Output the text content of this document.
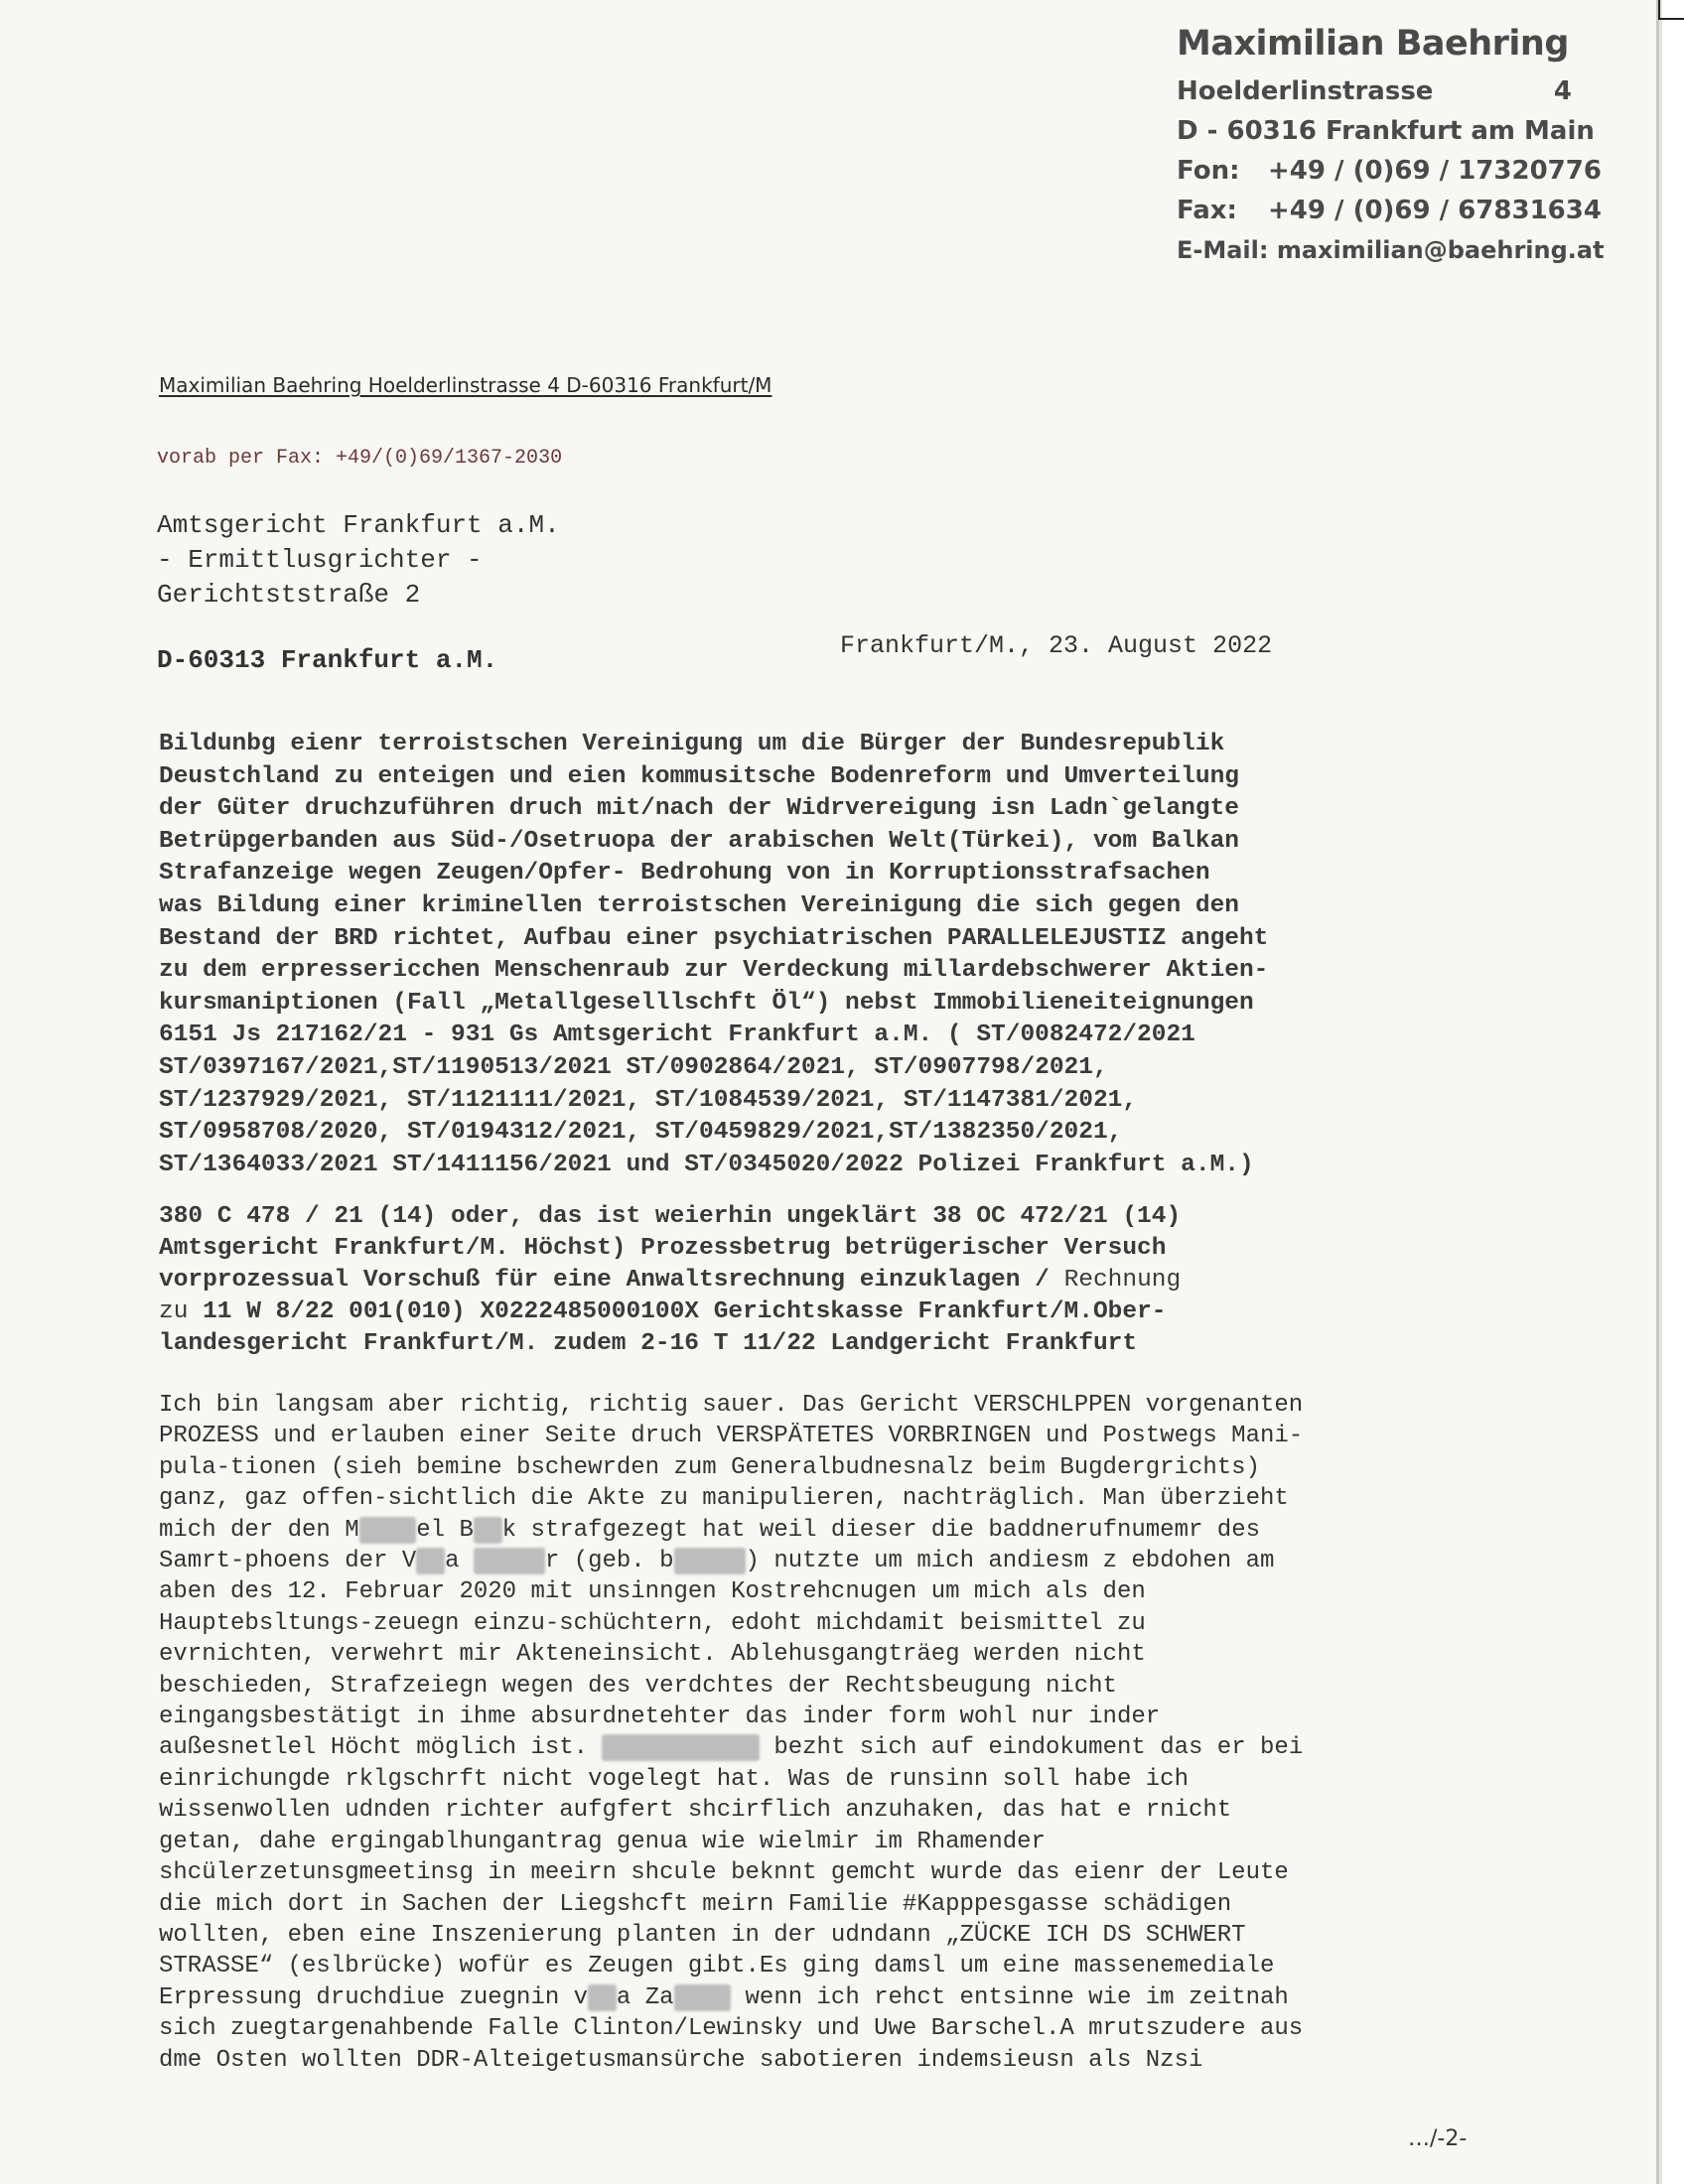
Maximilian Baehring
Hoelderlinstrasse	4
D - 60316 Frankfurt am Main
Fon:	+49 / (0)69 / 17320776
Fax:	+49 / (0)69 / 67831634
E-Mail:
maximilian@baehring.at
Maximilian Baehring Hoelderlinstrasse 4 D-60316 Frankfurt/M
vorab per Fax: +49/(0)69/1367-2030
Amtsgericht Frankfurt a.M.
- Ermittlusgrichter -
Gerichtststraße 2
D-60313 Frankfurt a.M.	Frankfurt/M., 23. August 2022
Bildunbg eienr terroistschen Vereinigung um die Bürger der Bundesrepublik
Deustchland zu enteigen und eien kommusitsche Bodenreform und Umverteilung
der Güter druchzuführen druch mit/nach der Widrvereigung isn Ladn`gelangte
Betrüpgerbanden aus Süd-/Osetruopa der arabischen Welt(Türkei), vom Balkan
Strafanzeige wegen Zeugen/Opfer- Bedrohung von in Korruptionsstrafsachen
was Bildung einer kriminellen terroistschen Vereinigung die sich gegen den
Bestand der BRD richtet, Aufbau einer psychiatrischen PARALLELEJUSTIZ angeht
zu dem erpressericchen Menschenraub zur Verdeckung millardebschwerer Aktien-
kursmaniptionen (Fall „Metallgeselllschft Öl“) nebst Immobilieneiteignungen
6151 Js 217162/21 - 931 Gs Amtsgericht Frankfurt a.M. ( ST/0082472/2021
ST/0397167/2021,ST/1190513/2021 ST/0902864/2021, ST/0907798/2021,
ST/1237929/2021, ST/1121111/2021, ST/1084539/2021, ST/1147381/2021,
ST/0958708/2020, ST/0194312/2021, ST/0459829/2021,ST/1382350/2021,
ST/1364033/2021 ST/1411156/2021 und ST/0345020/2022 Polizei Frankfurt a.M.)
380 C 478 / 21 (14) oder, das ist weierhin ungeklärt 38 OC 472/21 (14)
Amtsgericht Frankfurt/M. Höchst) Prozessbetrug betrügerischer Versuch
vorprozessual Vorschuß für eine Anwaltsrechnung einzuklagen / Rechnung
zu 11 W 8/22 001(010) X0222485000100X Gerichtskasse Frankfurt/M.Ober-
landesgericht Frankfurt/M. zudem 2-16 T 11/22 Landgericht Frankfurt
Ich bin langsam aber richtig, richtig sauer. Das Gericht VERSCHLPPEN vorgenanten
PROZESS und erlauben einer Seite druch VERSPÄTETES VORBRINGEN und Postwegs Mani-
pula-tionen (sieh bemine bschewrden zum Generalbudnesnalz beim Bugdergrichts)
ganz, gaz offen-sichtlich die Akte zu manipulieren, nachträglich. Man überzieht
mich der den M el B k strafgezegt hat weil dieser die baddnerufnumemr des
Samrt-phoens der V a	r (geb. b	) nutzte um mich andiesm z ebdohen am
aben des 12. Februar 2020 mit unsinngen Kostrehcnugen um mich als den
Hauptebsltungs-zeuegn einzu-schüchtern, edoht michdamit beismittel zu
evrnichten, verwehrt mir Akteneinsicht. Ablehusgangträeg werden nicht
beschieden, Strafzeiegn wegen des verdchtes der Rechtsbeugung nicht
eingangsbestätigt in ihme absurdnetehter das inder form wohl nur inder
außesnetlel Höcht möglich ist.	bezht sich auf eindokument das er bei
einrichungde rklgschrft nicht vogelegt hat. Was de runsinn soll habe ich
wissenwollen udnden richter aufgfert shcirflich anzuhaken, das hat e rnicht
getan, dahe ergingablhungantrag genua wie wielmir im Rhamender
shcülerzetunsgmeetinsg in meeirn shcule beknnt gemcht wurde das eienr der Leute
die mich dort in Sachen der Liegshcft meirn Familie #Kapppesgasse schädigen
wollten, eben eine Inszenierung planten in der udndann „ZÜCKE ICH DS SCHWERT
STRASSE“ (eslbrücke) wofür es Zeugen gibt.Es ging damsl um eine massenemediale
Erpressung druchdiue zuegnin v a Za	wenn ich rehct entsinne wie im zeitnah
sich zuegtargenahbende Falle Clinton/Lewinsky und Uwe Barschel.A mrutszudere aus
dme Osten wollten DDR-Alteigetusmansürche sabotieren indemsieusn als Nzsi
…/-2-
